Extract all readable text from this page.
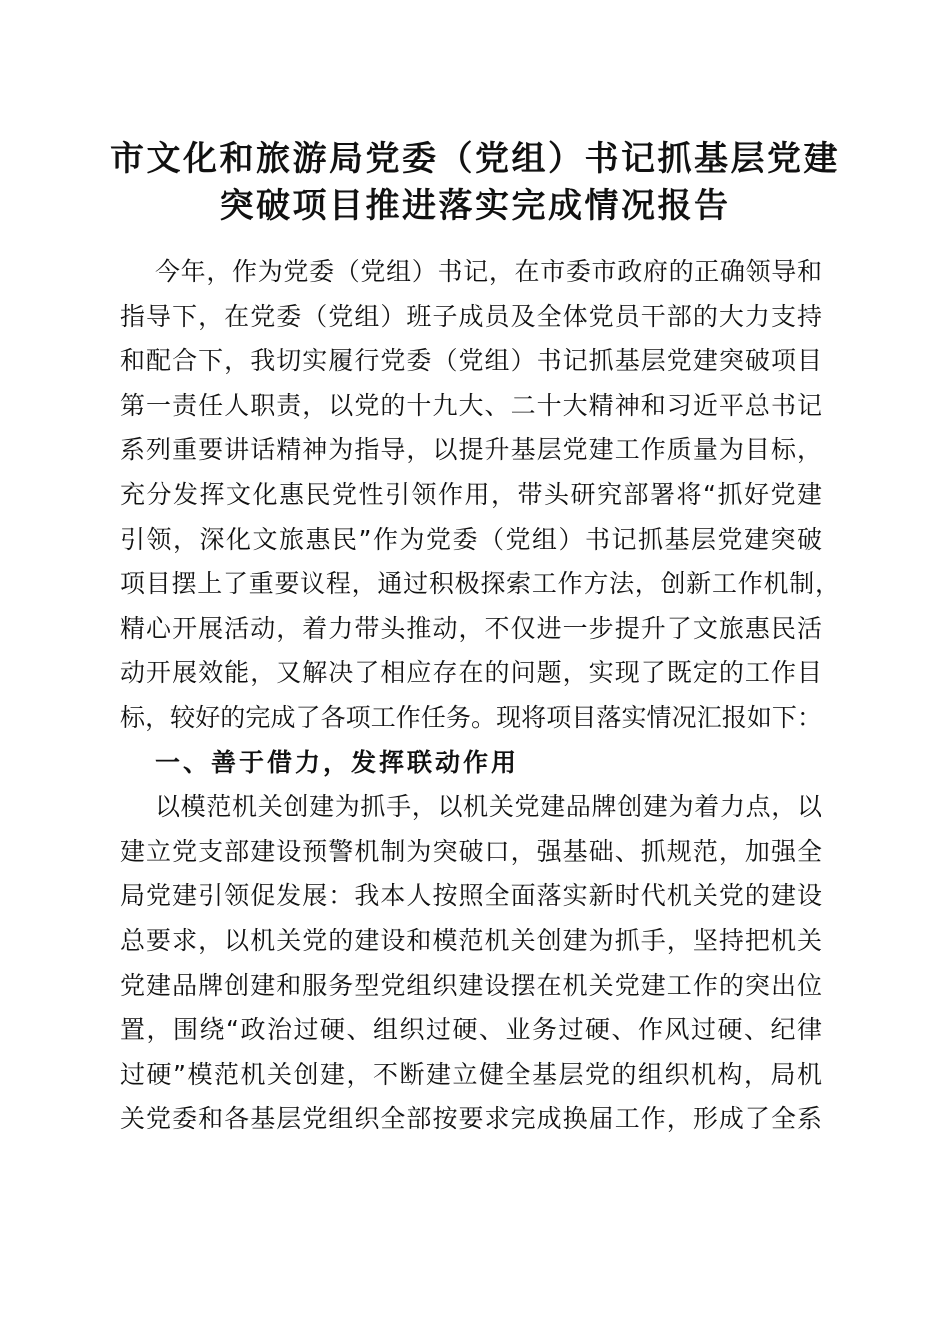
市文化和旅游局党委（党组）书记抓基层党建
突破项目推进落实完成情况报告
今年，作为党委（党组）书记，在市委市政府的正确领导和
指导下，在党委（党组）班子成员及全体党员干部的大力支持
和配合下，我切实履行党委（党组）书记抓基层党建突破项目
第一责任人职责，以党的十九大、二十大精神和习近平总书记
系列重要讲话精神为指导，以提升基层党建工作质量为目标，
充分发挥文化惠民党性引领作用，带头研究部署将“抓好党建
引领，深化文旅惠民”作为党委（党组）书记抓基层党建突破
项目摆上了重要议程，通过积极探索工作方法，创新工作机制，
精心开展活动，着力带头推动，不仅进一步提升了文旅惠民活
动开展效能，又解决了相应存在的问题，实现了既定的工作目
标，较好的完成了各项工作任务。现将项目落实情况汇报如下：
一、善于借力，发挥联动作用
以模范机关创建为抓手，以机关党建品牌创建为着力点，以
建立党支部建设预警机制为突破口，强基础、抓规范，加强全
局党建引领促发展：我本人按照全面落实新时代机关党的建设
总要求，以机关党的建设和模范机关创建为抓手，坚持把机关
党建品牌创建和服务型党组织建设摆在机关党建工作的突出位
置，围绕“政治过硬、组织过硬、业务过硬、作风过硬、纪律
过硬”模范机关创建，不断建立健全基层党的组织机构，局机
关党委和各基层党组织全部按要求完成换届工作，形成了全系
